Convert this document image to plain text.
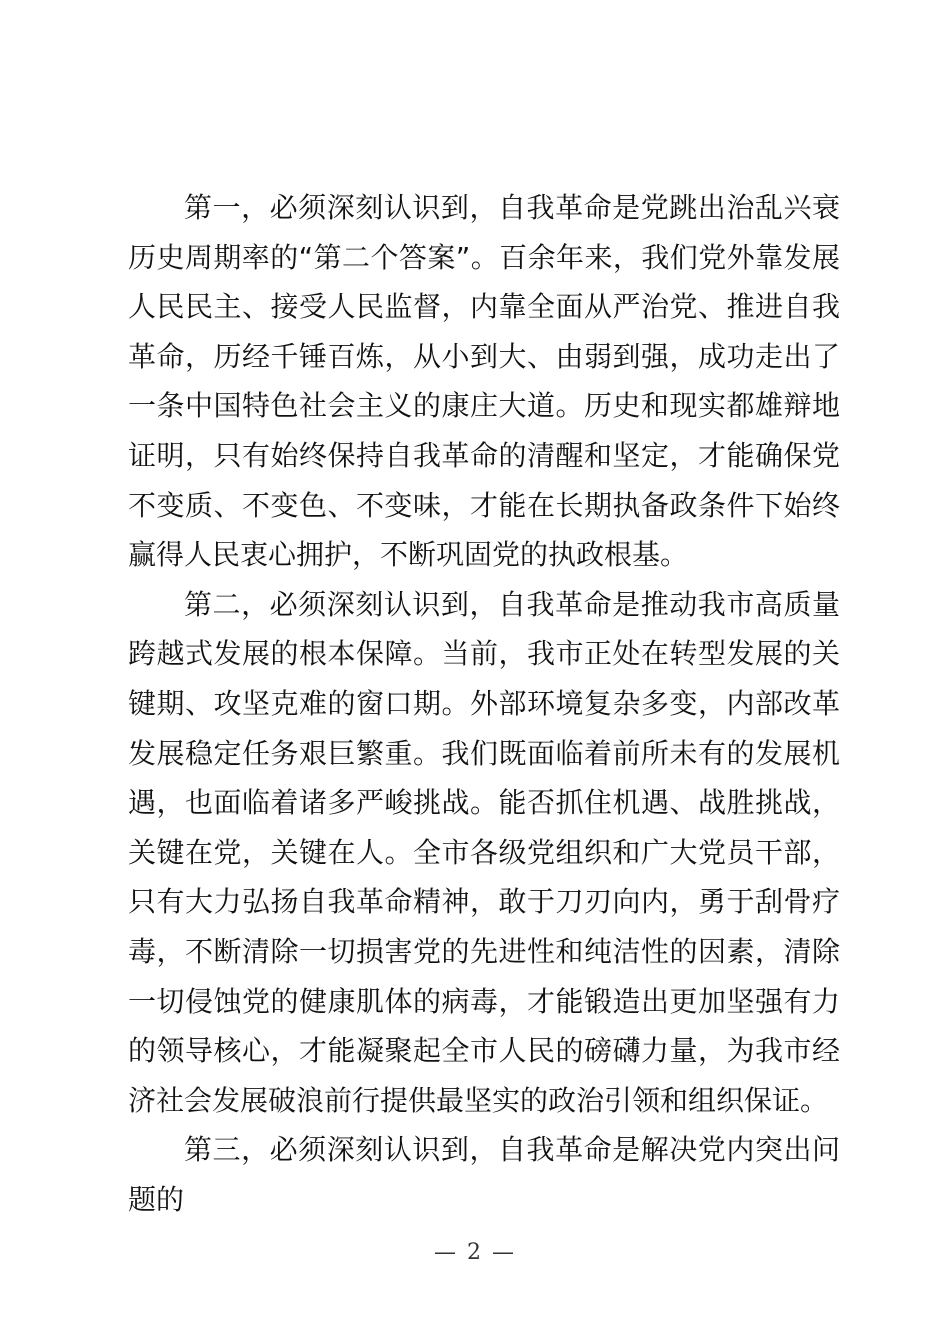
第一，必须深刻认识到，自我革命是党跳出治乱兴衰历史周期率的“第二个答案”。百余年来，我们党外靠发展人民民主、接受人民监督，内靠全面从严治党、推进自我革命，历经千锤百炼，从小到大、由弱到强，成功走出了一条中国特色社会主义的康庄大道。历史和现实都雄辩地证明，只有始终保持自我革命的清醒和坚定，才能确保党不变质、不变色、不变味，才能在长期执备政条件下始终赢得人民衷心拥护，不断巩固党的执政根基。

第二，必须深刻认识到，自我革命是推动我市高质量跨越式发展的根本保障。当前，我市正处在转型发展的关键期、攻坚克难的窗口期。外部环境复杂多变，内部改革发展稳定任务艰巨繁重。我们既面临着前所未有的发展机遇，也面临着诸多严峻挑战。能否抓住机遇、战胜挑战，关键在党，关键在人。全市各级党组织和广大党员干部，只有大力弘扬自我革命精神，敢于刀刃向内，勇于刮骨疗毒，不断清除一切损害党的先进性和纯洁性的因素，清除一切侵蚀党的健康肌体的病毒，才能锻造出更加坚强有力的领导核心，才能凝聚起全市人民的磅礴力量，为我市经济社会发展破浪前行提供最坚实的政治引领和组织保证。

第三，必须深刻认识到，自我革命是解决党内突出问题的

— 2 —
